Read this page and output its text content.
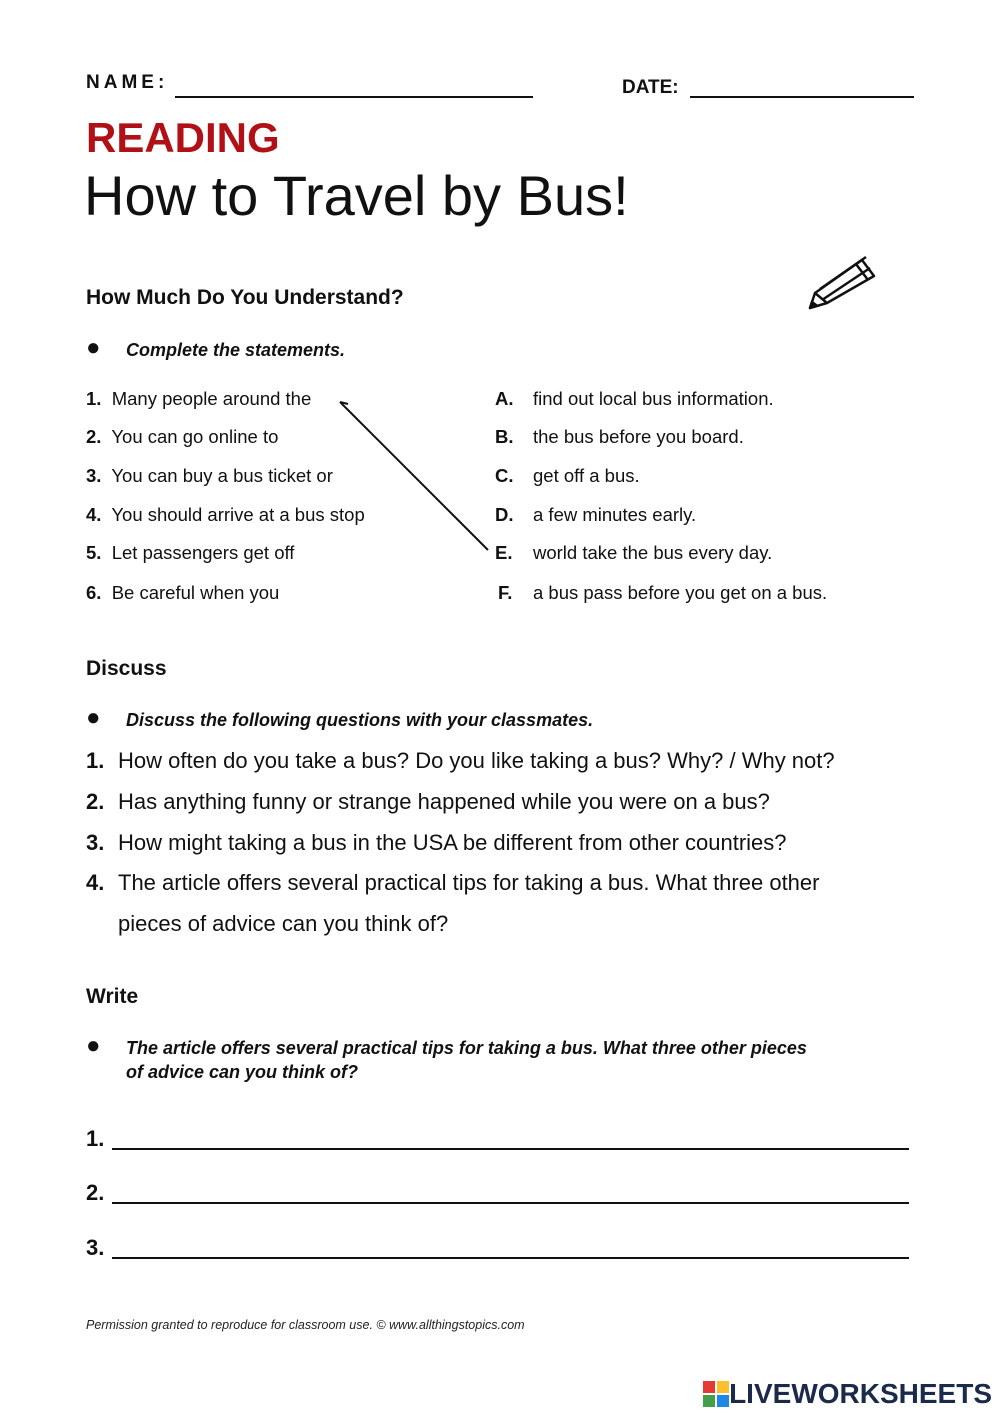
NAME:	DATE:
READING
How to Travel by Bus!
How Much Do You Understand?
● Complete the statements.
1. Many people around the
2. You can go online to
3. You can buy a bus ticket or
4. You should arrive at a bus stop
5. Let passengers get off
6. Be careful when you
A. find out local bus information.
B. the bus before you board.
C. get off a bus.
D. a few minutes early.
E. world take the bus every day.
F. a bus pass before you get on a bus.
Discuss
● Discuss the following questions with your classmates.
1. How often do you take a bus? Do you like taking a bus? Why? / Why not?
2. Has anything funny or strange happened while you were on a bus?
3. How might taking a bus in the USA be different from other countries?
4. The article offers several practical tips for taking a bus. What three other
pieces of advice can you think of?
Write
● The article offers several practical tips for taking a bus. What three other pieces
of advice can you think of?
1.
2.
3.
Permission granted to reproduce for classroom use. © www.allthingstopics.com
LIVEWORKSHEETS
